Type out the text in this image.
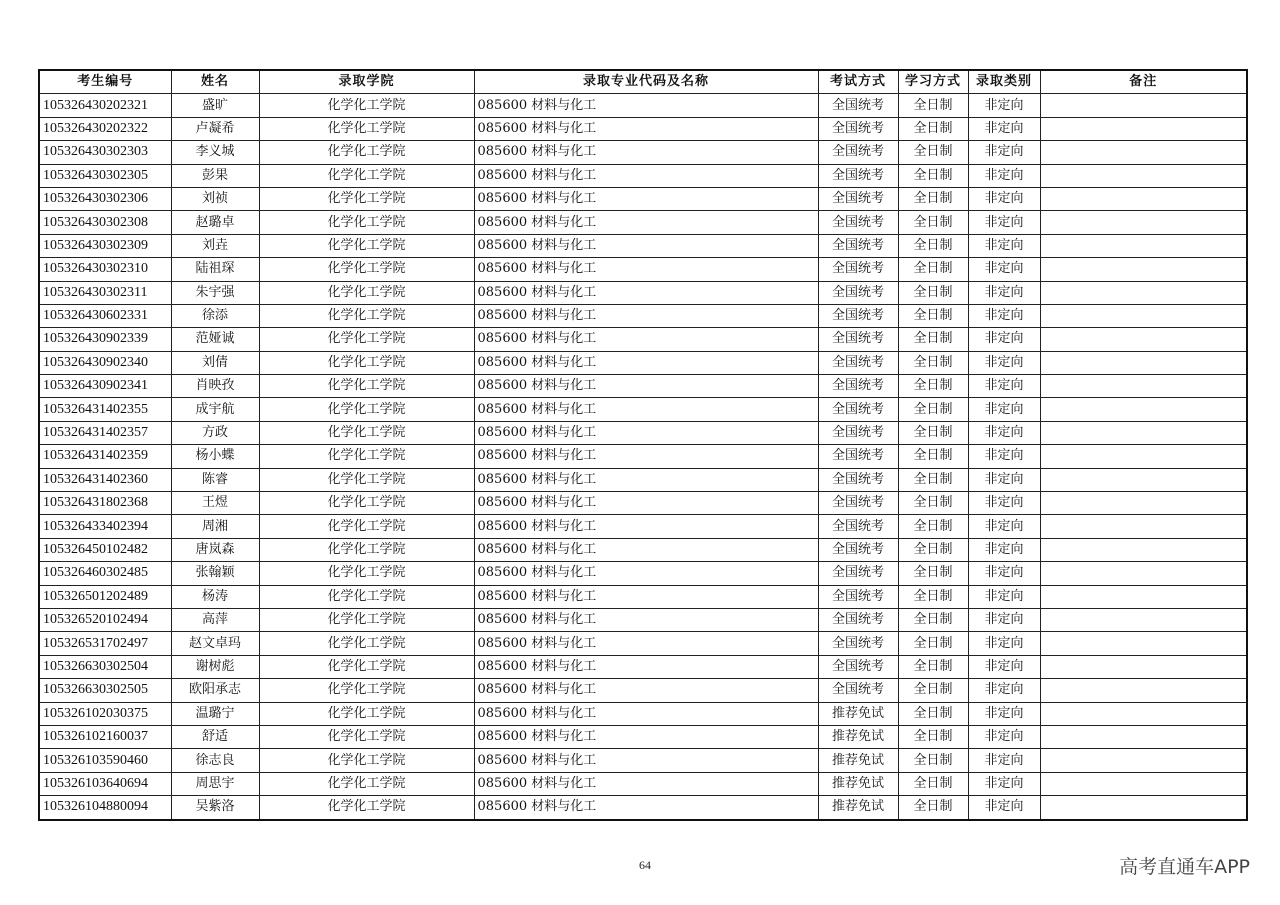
考生编号	姓名	录取学院	录取专业代码及名称	考试方式	学习方式	录取类别	备注
105326430202321	盛旷	化学化工学院	085600 材料与化工	全国统考	全日制	非定向	
105326430202322	卢凝希	化学化工学院	085600 材料与化工	全国统考	全日制	非定向	
105326430302303	李义城	化学化工学院	085600 材料与化工	全国统考	全日制	非定向	
105326430302305	彭果	化学化工学院	085600 材料与化工	全国统考	全日制	非定向	
105326430302306	刘祯	化学化工学院	085600 材料与化工	全国统考	全日制	非定向	
105326430302308	赵璐卓	化学化工学院	085600 材料与化工	全国统考	全日制	非定向	
105326430302309	刘垚	化学化工学院	085600 材料与化工	全国统考	全日制	非定向	
105326430302310	陆祖琛	化学化工学院	085600 材料与化工	全国统考	全日制	非定向	
105326430302311	朱宇强	化学化工学院	085600 材料与化工	全国统考	全日制	非定向	
105326430602331	徐添	化学化工学院	085600 材料与化工	全国统考	全日制	非定向	
105326430902339	范娅诚	化学化工学院	085600 材料与化工	全国统考	全日制	非定向	
105326430902340	刘倩	化学化工学院	085600 材料与化工	全国统考	全日制	非定向	
105326430902341	肖映孜	化学化工学院	085600 材料与化工	全国统考	全日制	非定向	
105326431402355	成宇航	化学化工学院	085600 材料与化工	全国统考	全日制	非定向	
105326431402357	方政	化学化工学院	085600 材料与化工	全国统考	全日制	非定向	
105326431402359	杨小蝶	化学化工学院	085600 材料与化工	全国统考	全日制	非定向	
105326431402360	陈睿	化学化工学院	085600 材料与化工	全国统考	全日制	非定向	
105326431802368	王煜	化学化工学院	085600 材料与化工	全国统考	全日制	非定向	
105326433402394	周湘	化学化工学院	085600 材料与化工	全国统考	全日制	非定向	
105326450102482	唐岚森	化学化工学院	085600 材料与化工	全国统考	全日制	非定向	
105326460302485	张翰颖	化学化工学院	085600 材料与化工	全国统考	全日制	非定向	
105326501202489	杨涛	化学化工学院	085600 材料与化工	全国统考	全日制	非定向	
105326520102494	高萍	化学化工学院	085600 材料与化工	全国统考	全日制	非定向	
105326531702497	赵文卓玛	化学化工学院	085600 材料与化工	全国统考	全日制	非定向	
105326630302504	谢树彪	化学化工学院	085600 材料与化工	全国统考	全日制	非定向	
105326630302505	欧阳承志	化学化工学院	085600 材料与化工	全国统考	全日制	非定向	
105326102030375	温璐宁	化学化工学院	085600 材料与化工	推荐免试	全日制	非定向	
105326102160037	舒适	化学化工学院	085600 材料与化工	推荐免试	全日制	非定向	
105326103590460	徐志良	化学化工学院	085600 材料与化工	推荐免试	全日制	非定向	
105326103640694	周思宇	化学化工学院	085600 材料与化工	推荐免试	全日制	非定向	
105326104880094	吴紫洛	化学化工学院	085600 材料与化工	推荐免试	全日制	非定向	
64	高考直通车APP
